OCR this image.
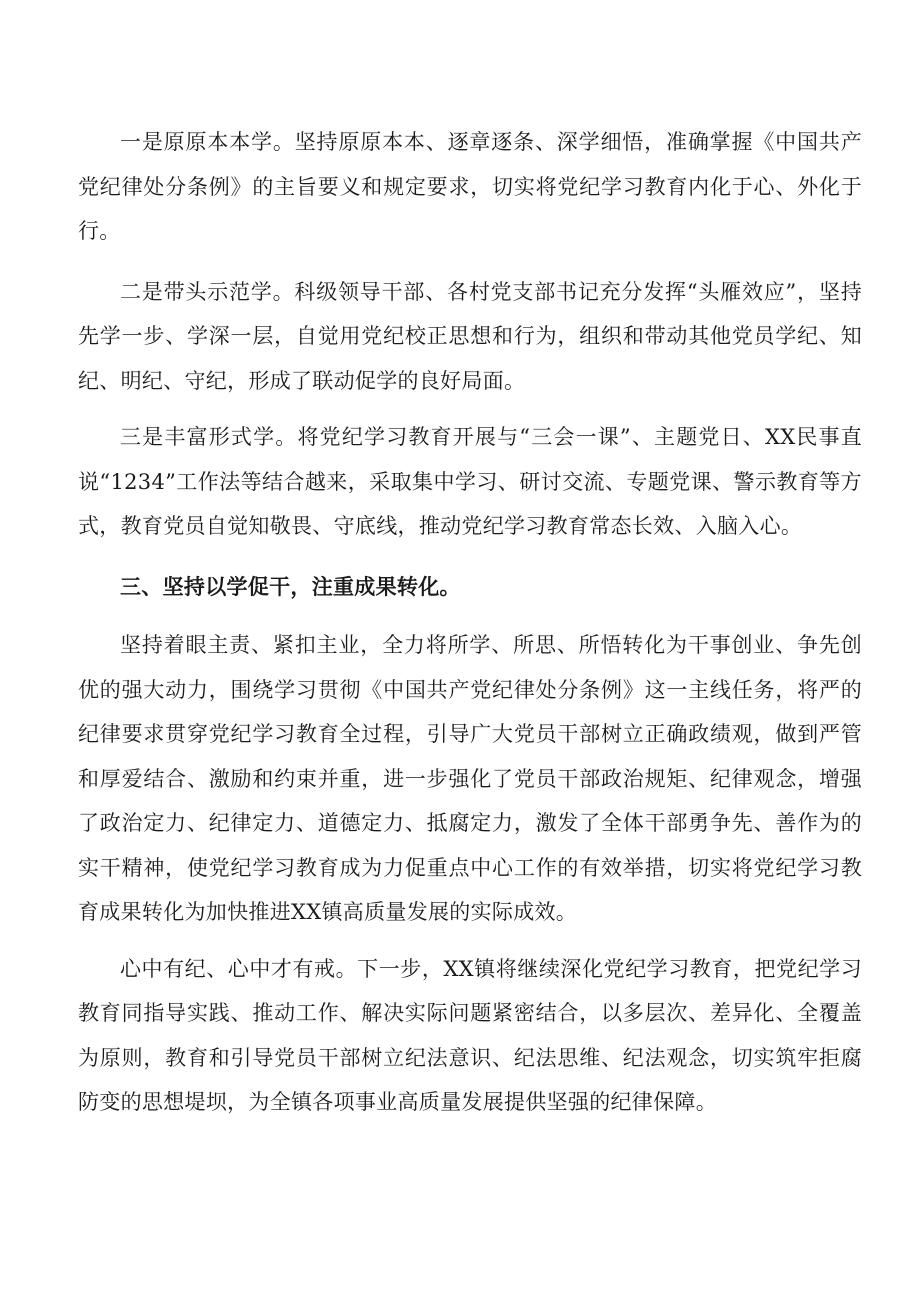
一是原原本本学。坚持原原本本、逐章逐条、深学细悟，准确掌握《中国共产党纪律处分条例》的主旨要义和规定要求，切实将党纪学习教育内化于心、外化于行。

二是带头示范学。科级领导干部、各村党支部书记充分发挥“头雁效应”，坚持先学一步、学深一层，自觉用党纪校正思想和行为，组织和带动其他党员学纪、知纪、明纪、守纪，形成了联动促学的良好局面。

三是丰富形式学。将党纪学习教育开展与“三会一课”、主题党日、XX民事直说“1234”工作法等结合越来，采取集中学习、研讨交流、专题党课、警示教育等方式，教育党员自觉知敬畏、守底线，推动党纪学习教育常态长效、入脑入心。

三、坚持以学促干，注重成果转化。

坚持着眼主责、紧扣主业，全力将所学、所思、所悟转化为干事创业、争先创优的强大动力，围绕学习贯彻《中国共产党纪律处分条例》这一主线任务，将严的纪律要求贯穿党纪学习教育全过程，引导广大党员干部树立正确政绩观，做到严管和厚爱结合、激励和约束并重，进一步强化了党员干部政治规矩、纪律观念，增强了政治定力、纪律定力、道德定力、抵腐定力，激发了全体干部勇争先、善作为的实干精神，使党纪学习教育成为力促重点中心工作的有效举措，切实将党纪学习教育成果转化为加快推进XX镇高质量发展的实际成效。

心中有纪、心中才有戒。下一步，XX镇将继续深化党纪学习教育，把党纪学习教育同指导实践、推动工作、解决实际问题紧密结合，以多层次、差异化、全覆盖为原则，教育和引导党员干部树立纪法意识、纪法思维、纪法观念，切实筑牢拒腐防变的思想堤坝，为全镇各项事业高质量发展提供坚强的纪律保障。
